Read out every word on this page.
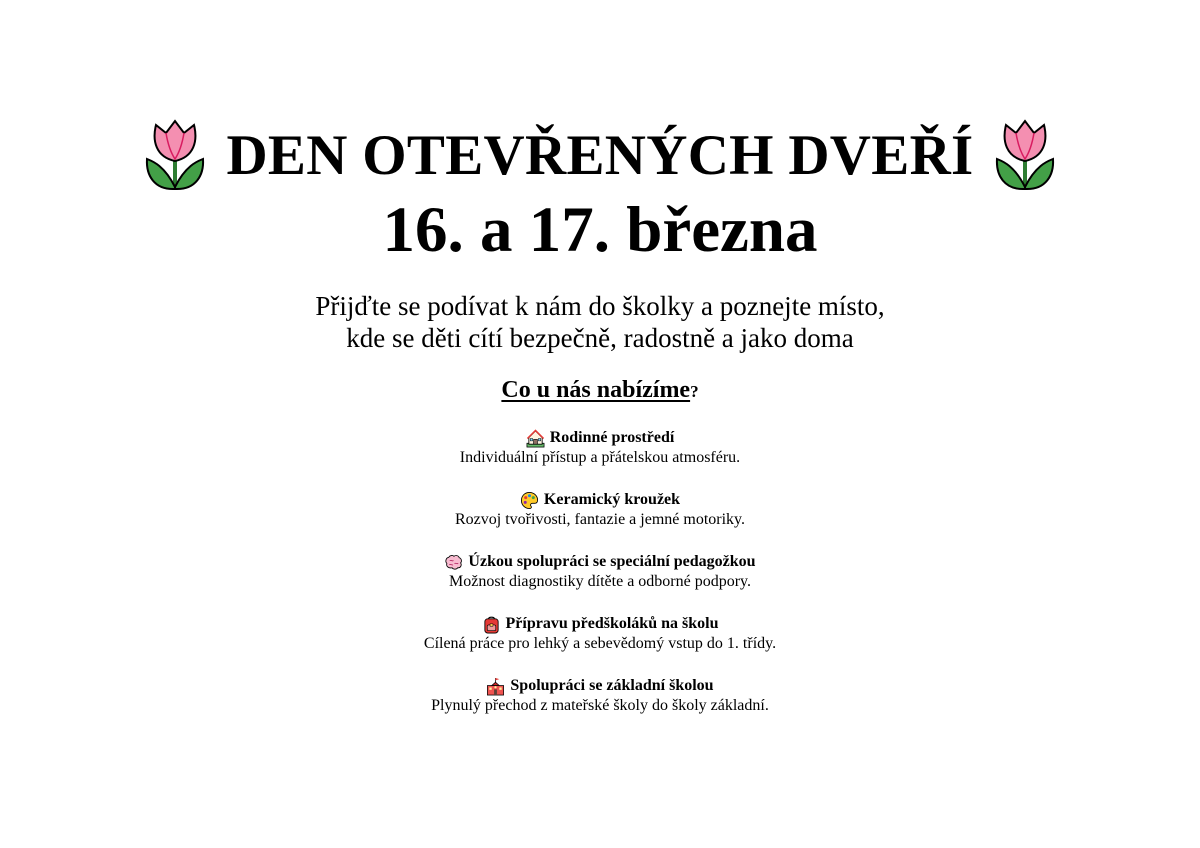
DEN OTEVŘENÝCH DVEŘÍ
16. a 17. března
Přijďte se podívat k nám do školky a poznejte místo,
kde se děti cítí bezpečně, radostně a jako doma
Co u nás nabízíme?
Rodinné prostředí
Individuální přístup a přátelskou atmosféru.
Keramický kroužek
Rozvoj tvořivosti, fantazie a jemné motoriky.
Úzkou spolupráci se speciální pedagožkou
Možnost diagnostiky dítěte a odborné podpory.
Přípravu předškoláků na školu
Cílená práce pro lehký a sebevědomý vstup do 1. třídy.
Spolupráci se základní školou
Plynulý přechod z mateřské školy do školy základní.
